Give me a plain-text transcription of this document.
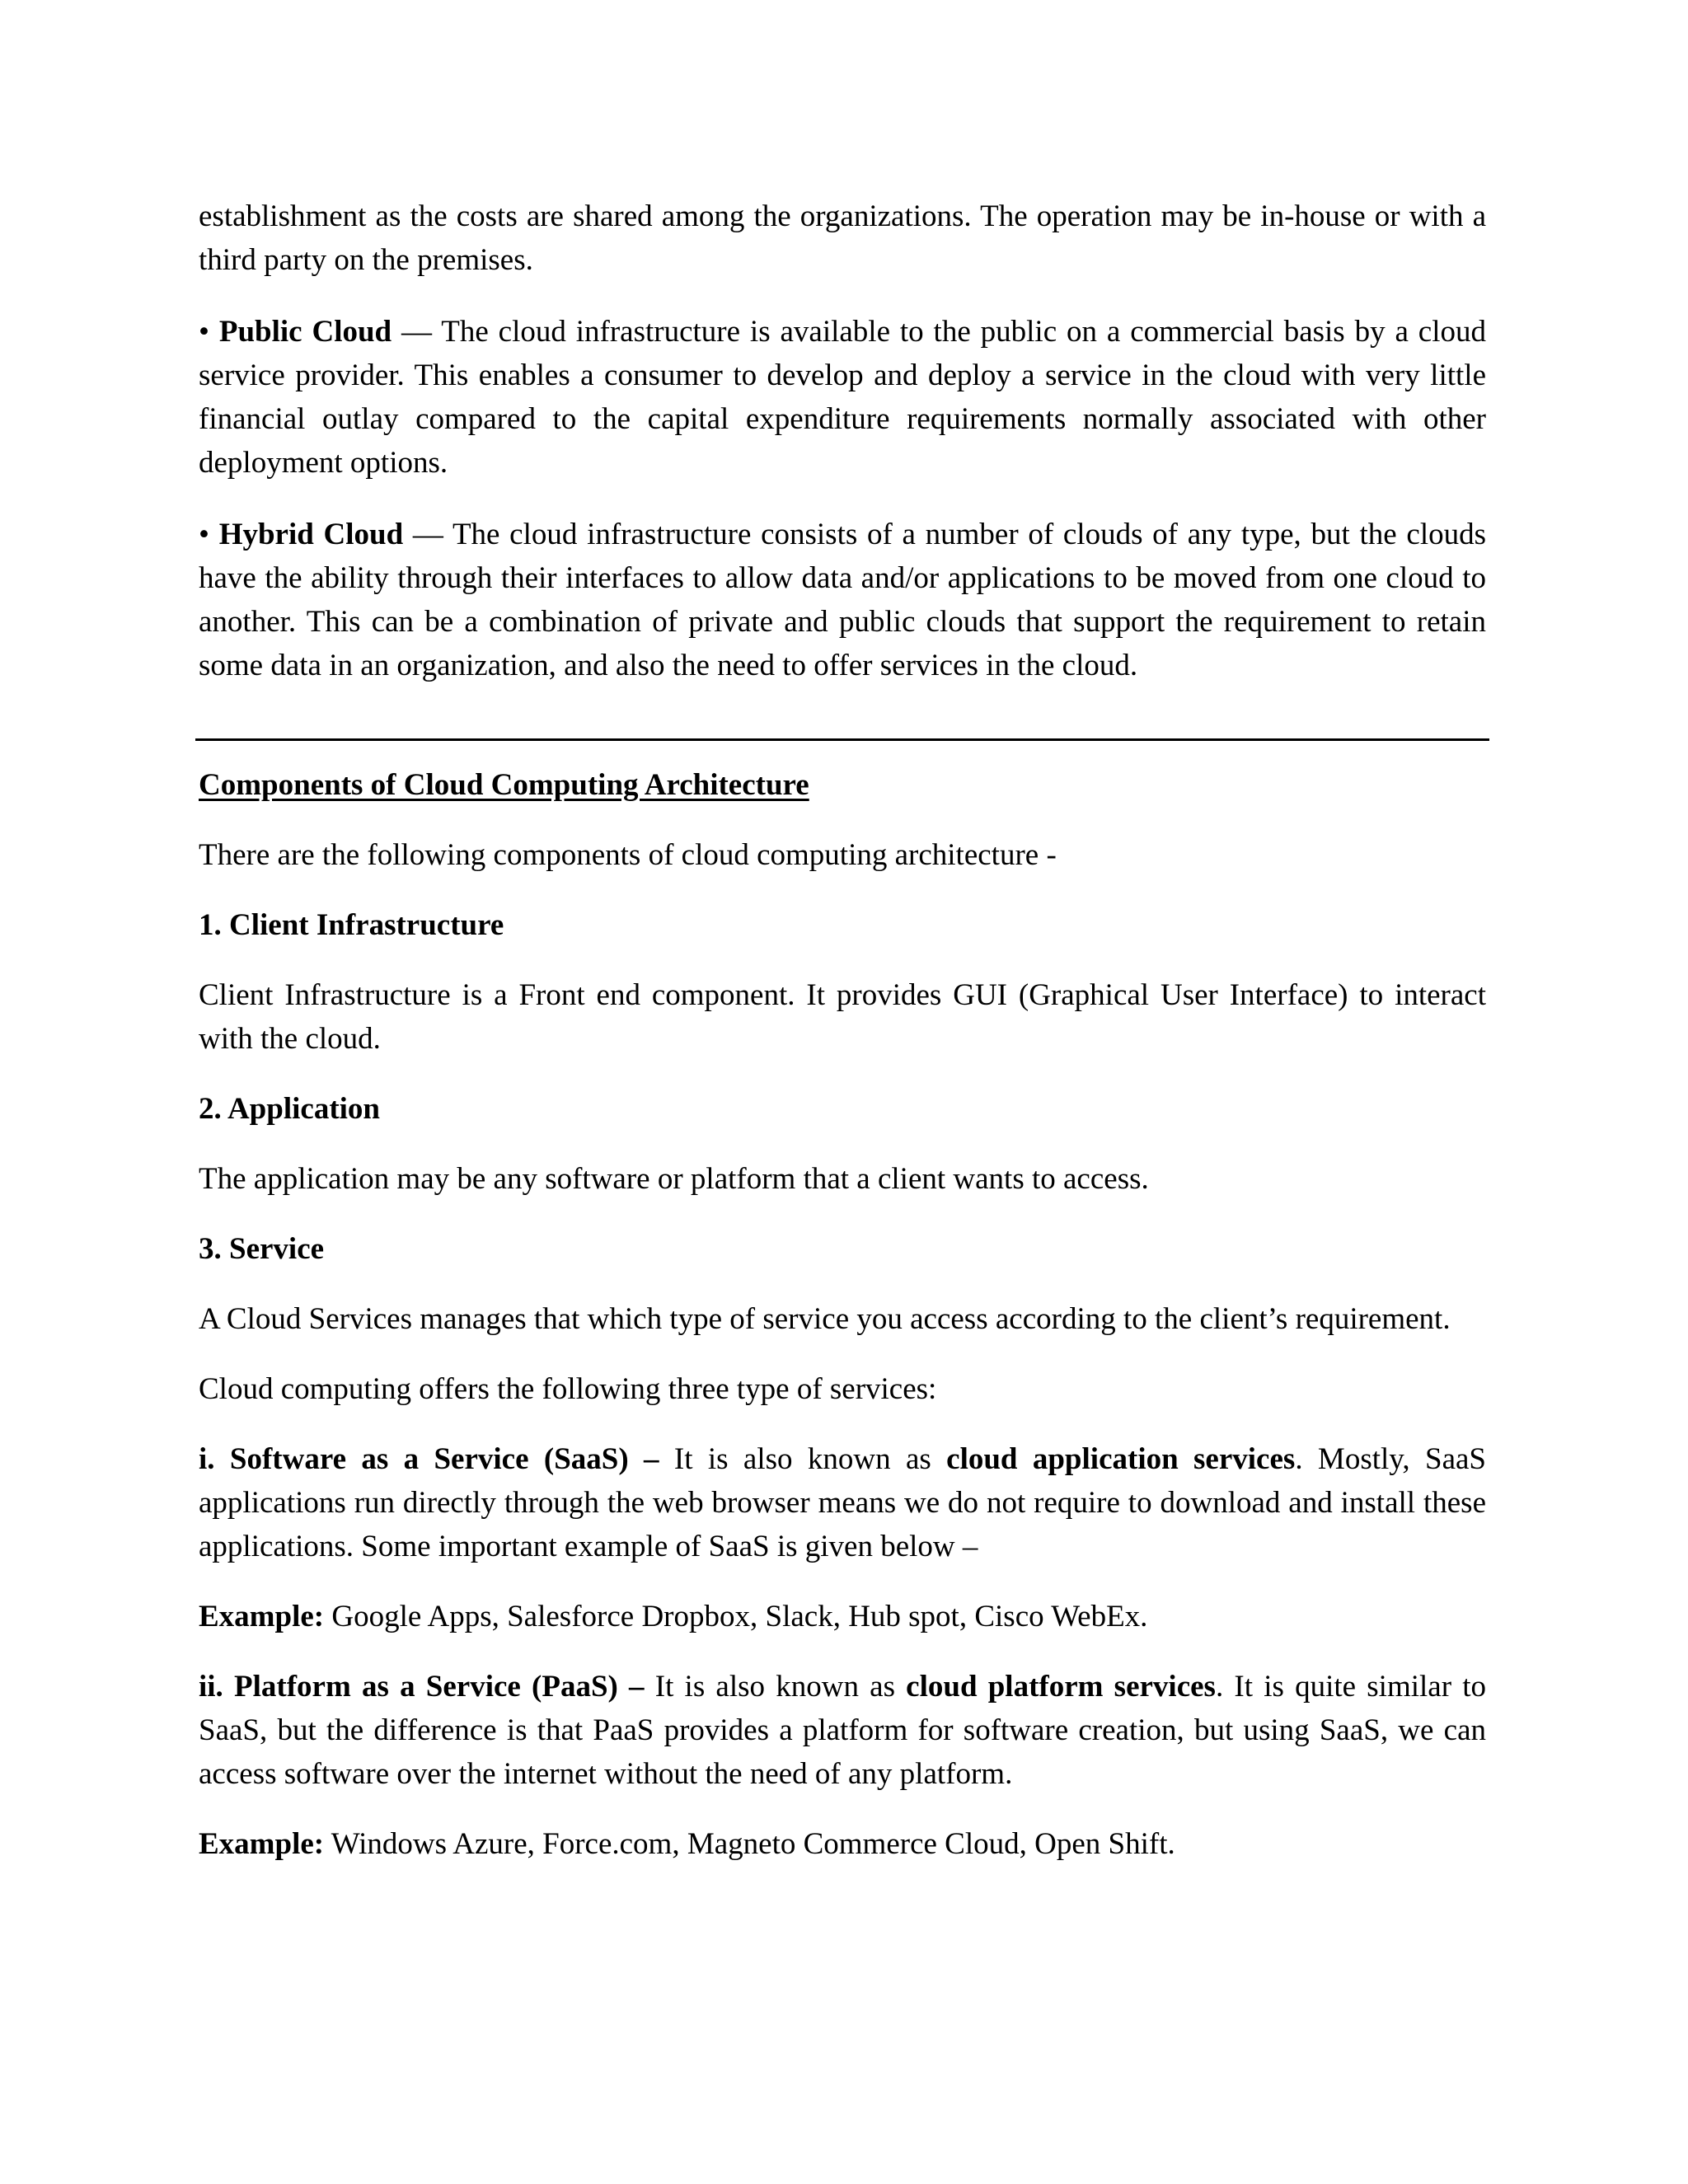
establishment as the costs are shared among the organizations. The operation may be in-house or with a third party on the premises.

• Public Cloud — The cloud infrastructure is available to the public on a commercial basis by a cloud service provider. This enables a consumer to develop and deploy a service in the cloud with very little financial outlay compared to the capital expenditure requirements normally associated with other deployment options.

• Hybrid Cloud — The cloud infrastructure consists of a number of clouds of any type, but the clouds have the ability through their interfaces to allow data and/or applications to be moved from one cloud to another. This can be a combination of private and public clouds that support the requirement to retain some data in an organization, and also the need to offer services in the cloud.

Components of Cloud Computing Architecture

There are the following components of cloud computing architecture -

1. Client Infrastructure

Client Infrastructure is a Front end component. It provides GUI (Graphical User Interface) to interact with the cloud.

2. Application

The application may be any software or platform that a client wants to access.

3. Service

A Cloud Services manages that which type of service you access according to the client’s requirement.

Cloud computing offers the following three type of services:

i. Software as a Service (SaaS) – It is also known as cloud application services. Mostly, SaaS applications run directly through the web browser means we do not require to download and install these applications. Some important example of SaaS is given below –

Example: Google Apps, Salesforce Dropbox, Slack, Hub spot, Cisco WebEx.

ii. Platform as a Service (PaaS) – It is also known as cloud platform services. It is quite similar to SaaS, but the difference is that PaaS provides a platform for software creation, but using SaaS, we can access software over the internet without the need of any platform.

Example: Windows Azure, Force.com, Magneto Commerce Cloud, Open Shift.
